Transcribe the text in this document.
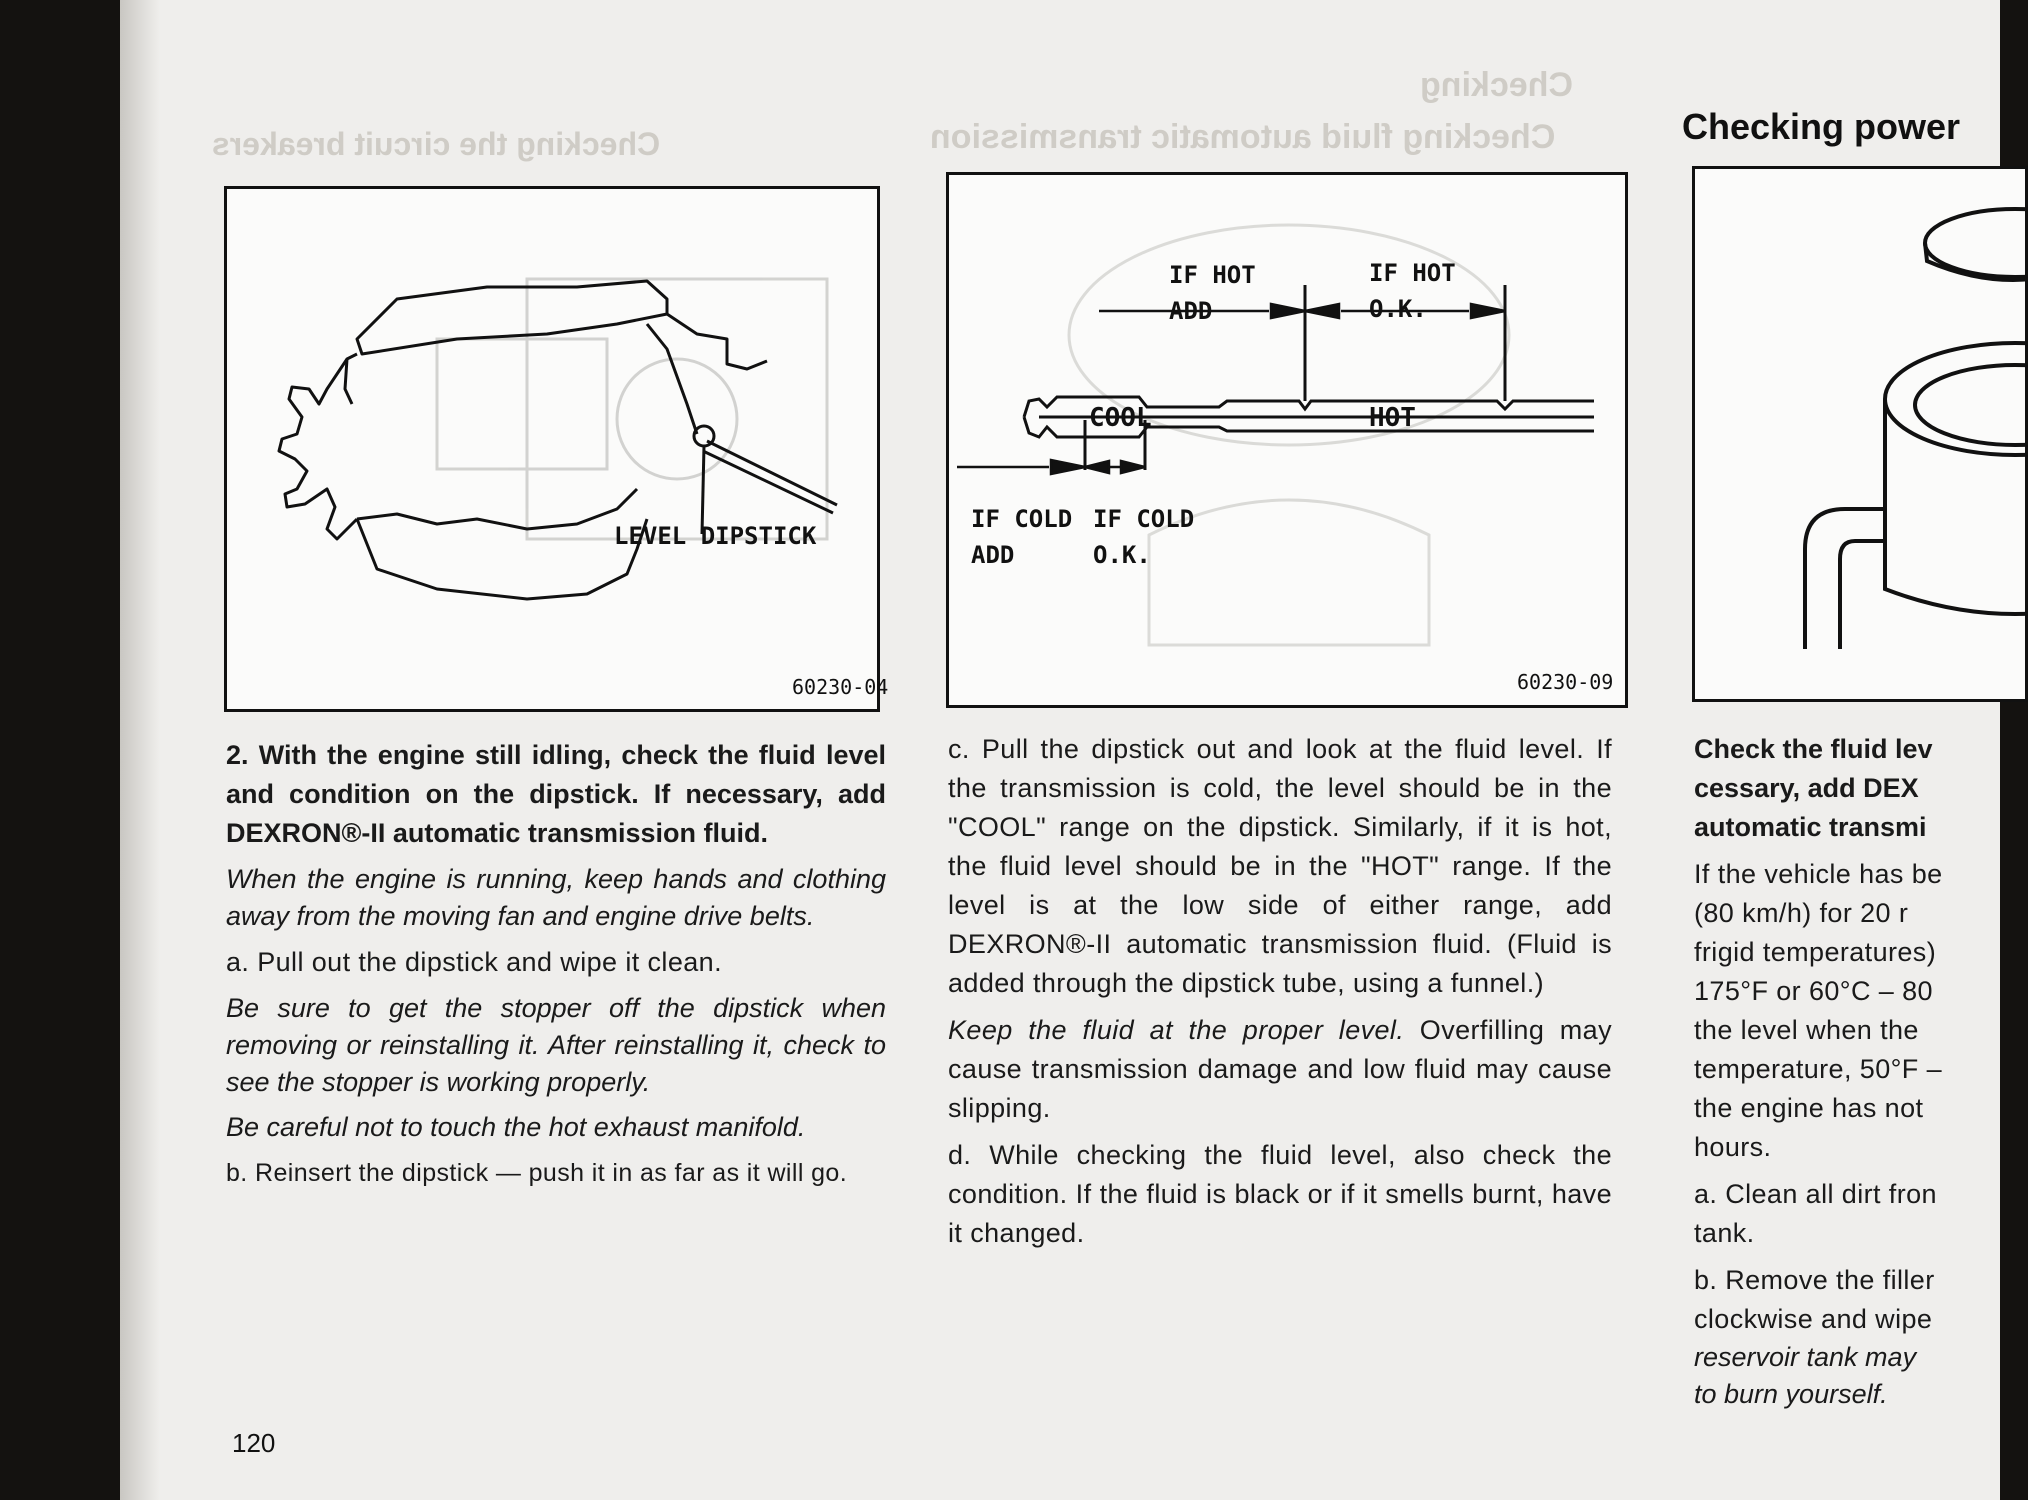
Checking the circuit breakers
Checking
Checking fluid automatic transmission	Checking power
LEVEL DIPSTICK
60230-04
IF HOT
ADD
IF HOT
O.K.
COOL	HOT
IF COLD
ADD
IF COLD
O.K.
60230-09

2. With the engine still idling, check the fluid level and condition on the dipstick. If necessary, add DEXRON®-II automatic transmission fluid.

When the engine is running, keep hands and clothing away from the moving fan and engine drive belts.

a. Pull out the dipstick and wipe it clean.

Be sure to get the stopper off the dipstick when removing or reinstalling it. After reinstalling it, check to see the stopper is working properly.

Be careful not to touch the hot exhaust manifold.

b. Reinsert the dipstick — push it in as far as it will go.

c. Pull the dipstick out and look at the fluid level. If the transmission is cold, the level should be in the "COOL" range on the dipstick. Similarly, if it is hot, the fluid level should be in the "HOT" range. If the level is at the low side of either range, add DEXRON®-II automatic transmission fluid. (Fluid is added through the dipstick tube, using a funnel.)

Keep the fluid at the proper level. Overfilling may cause transmission damage and low fluid may cause slipping.

d. While checking the fluid level, also check the condition. If the fluid is black or if it smells burnt, have it changed.

Check the fluid lev

cessary, add DEX

automatic transmi

If the vehicle has be

(80 km/h) for 20 r

frigid temperatures)

175°F or 60°C – 80

the level when the

temperature, 50°F –

the engine has not

hours.

a. Clean all dirt fron

tank.

b. Remove the filler

clockwise and wipe

reservoir tank may

to burn yourself.

120
